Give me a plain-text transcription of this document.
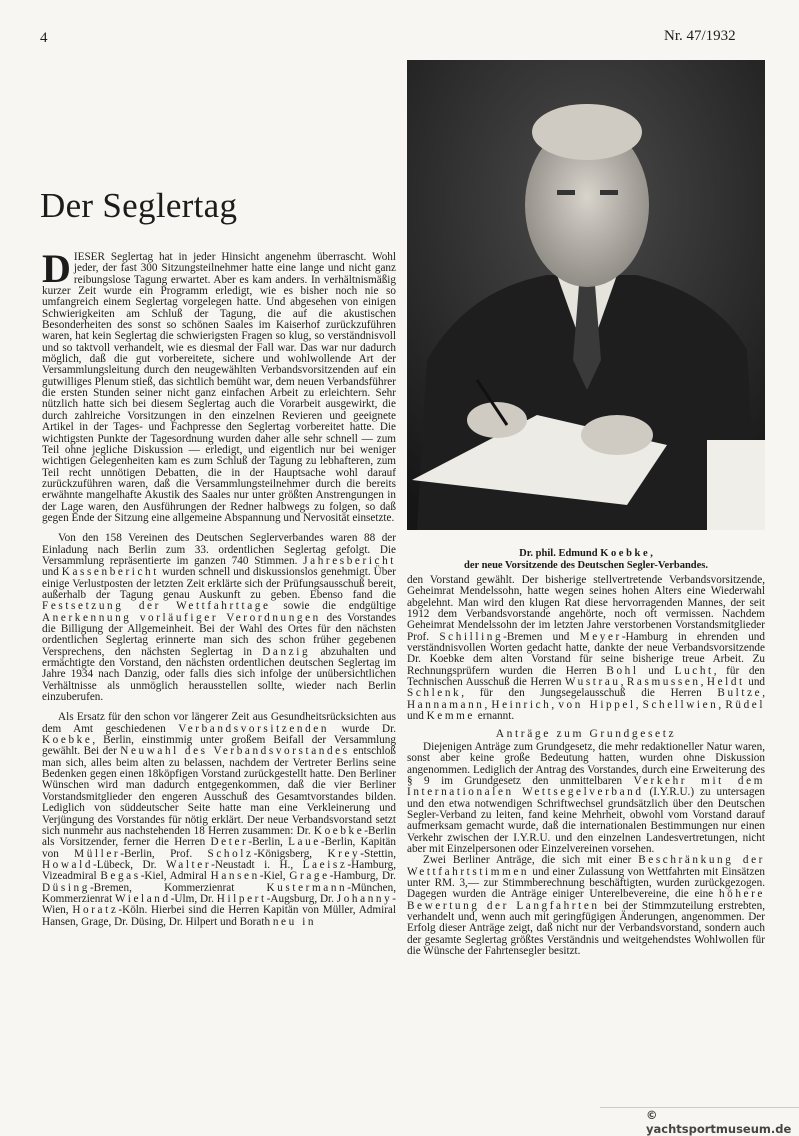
4	Nr. 47/1932
Der Seglertag
D IESER Seglertag hat in jeder Hinsicht angenehm überrascht. Wohl jeder, der fast 300 Sitzungsteilnehmer hatte eine lange und nicht ganz reibungslose Tagung erwartet. Aber es kam anders. In verhältnismäßig kurzer Zeit wurde ein Programm erledigt, wie es bisher noch nie so umfangreich einem Seglertag vorgelegen hatte. Und abgesehen von einigen Schwierigkeiten am Schluß der Tagung, die auf die akustischen Besonderheiten des sonst so schönen Saales im Kaiserhof zurückzuführen waren, hat kein Seglertag die schwierigsten Fragen so klug, so verständnisvoll und so taktvoll verhandelt, wie es diesmal der Fall war. Das war nur dadurch möglich, daß die gut vorbereitete, sichere und wohlwollende Art der Versammlungsleitung durch den neugewählten Verbandsvorsitzenden auf ein gutwilliges Plenum stieß, das sichtlich bemüht war, dem neuen Verbandsführer die ersten Stunden seiner nicht ganz einfachen Arbeit zu erleichtern. Sehr nützlich hatte sich bei diesem Seglertag auch die Vorarbeit ausgewirkt, die durch zahlreiche Vorsitzungen in den einzelnen Revieren und geeignete Artikel in der Tages- und Fachpresse den Seglertag vorbereitet hatte. Die wichtigsten Punkte der Tagesordnung wurden daher alle sehr schnell — zum Teil ohne jegliche Diskussion — erledigt, und eigentlich nur bei weniger wichtigen Gelegenheiten kam es zum Schluß der Tagung zu lebhafteren, zum Teil recht unnötigen Debatten, die in der Hauptsache wohl darauf zurückzuführen waren, daß die Versammlungsteilnehmer durch die bereits erwähnte mangelhafte Akustik des Saales nur unter größten Anstrengungen in der Lage waren, den Ausführungen der Redner halbwegs zu folgen, so daß gegen Ende der Sitzung eine allgemeine Abspannung und Nervosität einsetzte.

Von den 158 Vereinen des Deutschen Seglerverbandes waren 88 der Einladung nach Berlin zum 33. ordentlichen Seglertag gefolgt. Die Versammlung repräsentierte im ganzen 740 Stimmen. Jahresbericht und Kassenbericht wurden schnell und diskussionslos genehmigt. Über einige Verlustposten der letzten Zeit erklärte sich der Prüfungsausschuß bereit, außerhalb der Tagung genau Auskunft zu geben. Ebenso fand die Festsetzung der Wettfahrttage sowie die endgültige Anerkennung vorläufiger Verordnungen des Vorstandes die Billigung der Allgemeinheit. Bei der Wahl des Ortes für den nächsten ordentlichen Seglertag erinnerte man sich des schon früher gegebenen Versprechens, den nächsten Seglertag in Danzig abzuhalten und ermächtigte den Vorstand, den nächsten ordentlichen deutschen Seglertag im Jahre 1934 nach Danzig, oder falls dies sich infolge der unübersichtlichen Verhältnisse als unmöglich herausstellen sollte, wieder nach Berlin einzuberufen.

Als Ersatz für den schon vor längerer Zeit aus Gesundheitsrücksichten aus dem Amt geschiedenen Verbandsvorsitzenden wurde Dr. Koebke, Berlin, einstimmig unter großem Beifall der Versammlung gewählt. Bei der Neuwahl des Verbandsvorstandes entschloß man sich, alles beim alten zu belassen, nachdem der Vertreter Berlins seine Bedenken gegen einen 18köpfigen Vorstand zurückgestellt hatte. Den Berliner Wünschen wird man dadurch entgegenkommen, daß die vier Berliner Vorstandsmitglieder den engeren Ausschuß des Gesamtvorstandes bilden. Lediglich von süddeutscher Seite hatte man eine Verkleinerung und Verjüngung des Vorstandes für nötig erklärt. Der neue Verbandsvorstand setzt sich nunmehr aus nachstehenden 18 Herren zusammen: Dr. Koebke-Berlin als Vorsitzender, ferner die Herren Deter-Berlin, Laue-Berlin, Kapitän von Müller-Berlin, Prof. Scholz-Königsberg, Krey-Stettin, Howald-Lübeck, Dr. Walter-Neustadt i. H., Laeisz-Hamburg, Vizeadmiral Begas-Kiel, Admiral Hansen-Kiel, Grage-Hamburg, Dr. Düsing-Bremen, Kommerzienrat Kustermann-München, Kommerzienrat Wieland-Ulm, Dr. Hilpert-Augsburg, Dr. Johanny-Wien, Horatz-Köln. Hierbei sind die Herren Kapitän von Müller, Admiral Hansen, Grage, Dr. Düsing, Dr. Hilpert und Borath neu in

Dr. phil. Edmund Koebke,
der neue Vorsitzende des Deutschen Segler-Verbandes.
den Vorstand gewählt. Der bisherige stellvertretende Verbandsvorsitzende, Geheimrat Mendelssohn, hatte wegen seines hohen Alters eine Wiederwahl abgelehnt. Man wird den klugen Rat diese hervorragenden Mannes, der seit 1912 dem Verbandsvorstande angehörte, noch oft vermissen. Nachdem Geheimrat Mendelssohn der im letzten Jahre verstorbenen Vorstandsmitglieder Prof. Schilling-Bremen und Meyer-Hamburg in ehrenden und verständnisvollen Worten gedacht hatte, dankte der neue Verbandsvorsitzende Dr. Koebke dem alten Vorstand für seine bisherige treue Arbeit. Zu Rechnungsprüfern wurden die Herren Bohl und Lucht, für den Technischen Ausschuß die Herren Wustrau, Rasmussen, Heldt und Schlenk, für den Jungsegelausschuß die Herren Bultze, Hannamann, Heinrich, von Hippel, Schellwien, Rüdel und Kemme ernannt.
Anträge zum Grundgesetz

Diejenigen Anträge zum Grundgesetz, die mehr redaktioneller Natur waren, sonst aber keine große Bedeutung hatten, wurden ohne Diskussion angenommen. Lediglich der Antrag des Vorstandes, durch eine Erweiterung des § 9 im Grundgesetz den unmittelbaren Verkehr mit dem Internationalen Wettsegelverband (I.Y.R.U.) zu untersagen und den etwa notwendigen Schriftwechsel grundsätzlich über den Deutschen Segler-Verband zu leiten, fand keine Mehrheit, obwohl vom Vorstand darauf aufmerksam gemacht wurde, daß die internationalen Bestimmungen nur einen Verkehr zwischen der I.Y.R.U. und den einzelnen Landesvertretungen, nicht aber mit Einzelpersonen oder Einzelvereinen vorsehen.

Zwei Berliner Anträge, die sich mit einer Beschränkung der Wettfahrtstimmen und einer Zulassung von Wettfahrten mit Einsätzen unter RM. 3,— zur Stimmberechnung beschäftigten, wurden zurückgezogen. Dagegen wurden die Anträge einiger Unterelbevereine, die eine höhere Bewertung der Langfahrten bei der Stimmzuteilung erstrebten, verhandelt und, wenn auch mit geringfügigen Änderungen, angenommen. Der Erfolg dieser Anträge zeigt, daß nicht nur der Verbandsvorstand, sondern auch der gesamte Seglertag größtes Verständnis und weitgehendstes Wohlwollen für die Wünsche der Fahrtensegler besitzt.

© yachtsportmuseum.de
